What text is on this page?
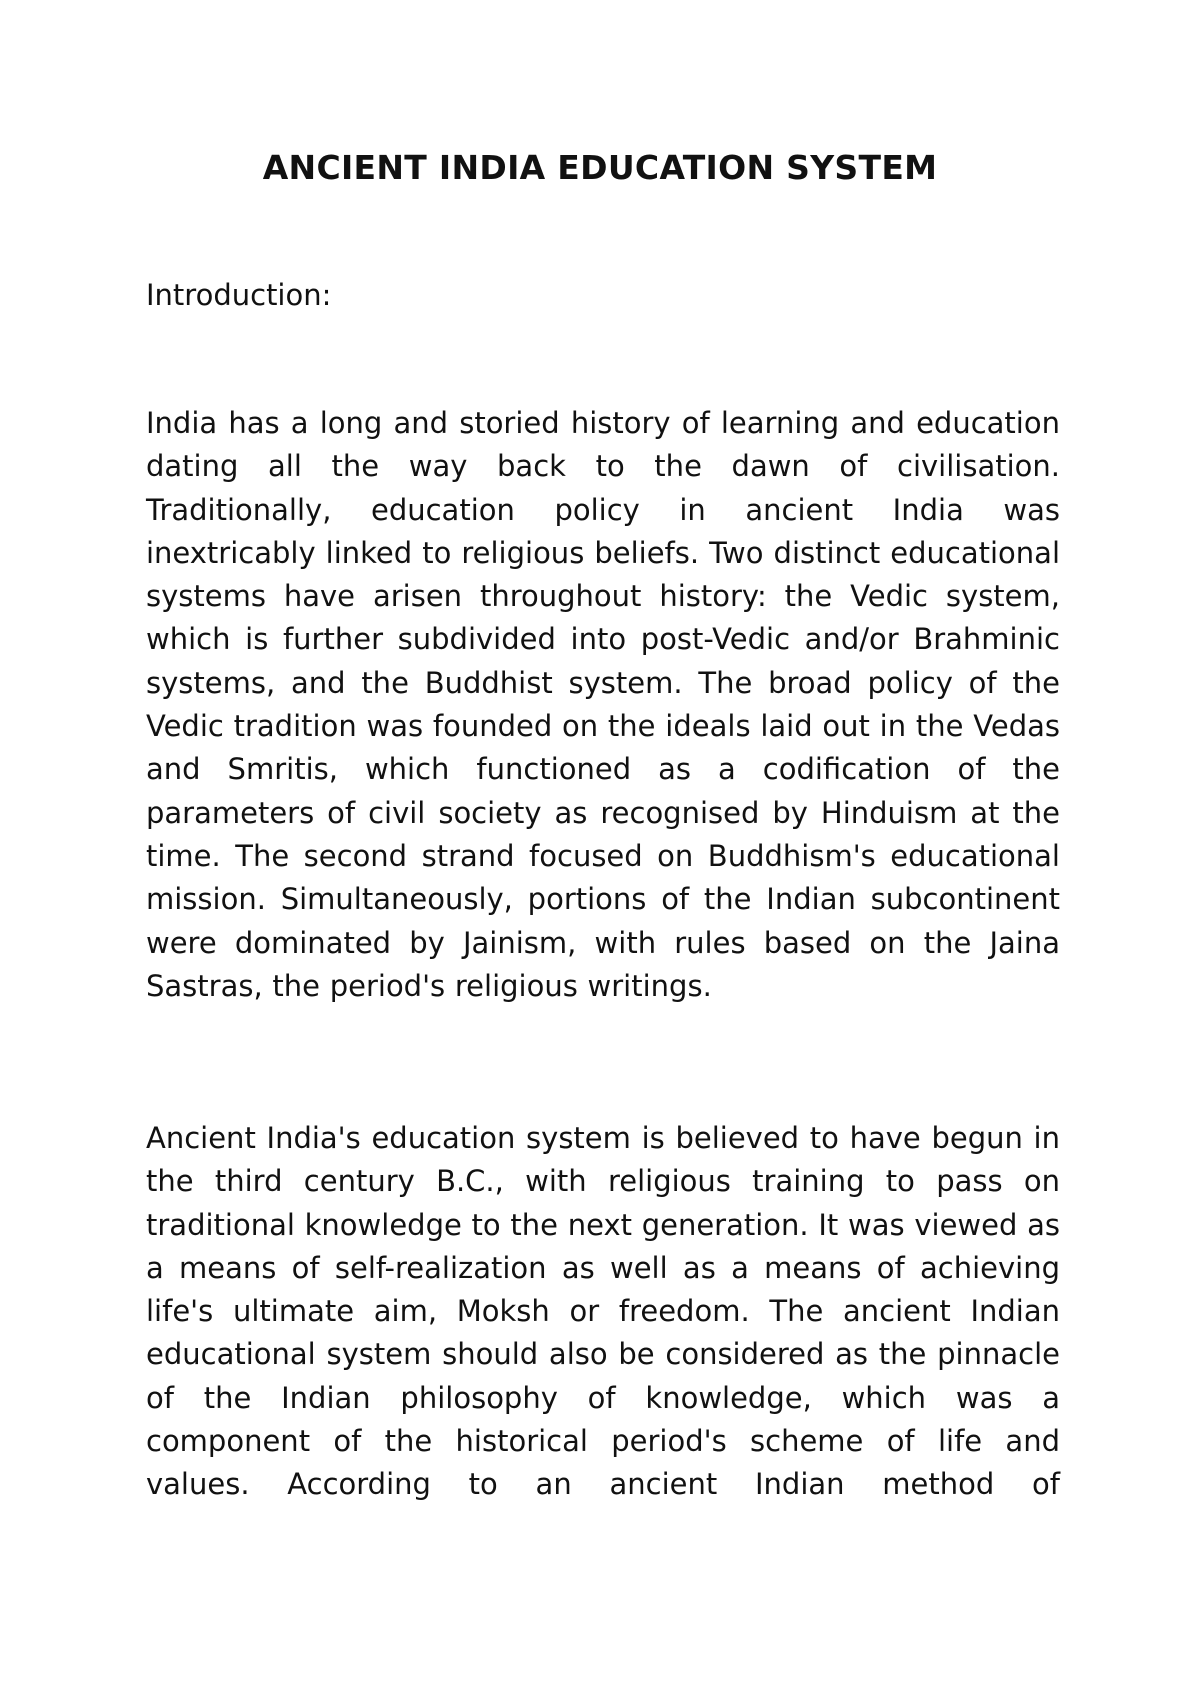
ANCIENT INDIA EDUCATION SYSTEM

Introduction:

India has a long and storied history of learning and education dating all the way back to the dawn of civilisation. Traditionally, education policy in ancient India was inextricably linked to religious beliefs. Two distinct educational systems have arisen throughout history: the Vedic system, which is further subdivided into post-Vedic and/or Brahminic systems, and the Buddhist system. The broad policy of the Vedic tradition was founded on the ideals laid out in the Vedas and Smritis, which functioned as a codification of the parameters of civil society as recognised by Hinduism at the time. The second strand focused on Buddhism's educational mission. Simultaneously, portions of the Indian subcontinent were dominated by Jainism, with rules based on the Jaina Sastras, the period's religious writings.

Ancient India's education system is believed to have begun in the third century B.C., with religious training to pass on traditional knowledge to the next generation. It was viewed as a means of self-realization as well as a means of achieving life's ultimate aim, Moksh or freedom. The ancient Indian educational system should also be considered as the pinnacle of the Indian philosophy of knowledge, which was a component of the historical period's scheme of life and values. According to an ancient Indian method of
